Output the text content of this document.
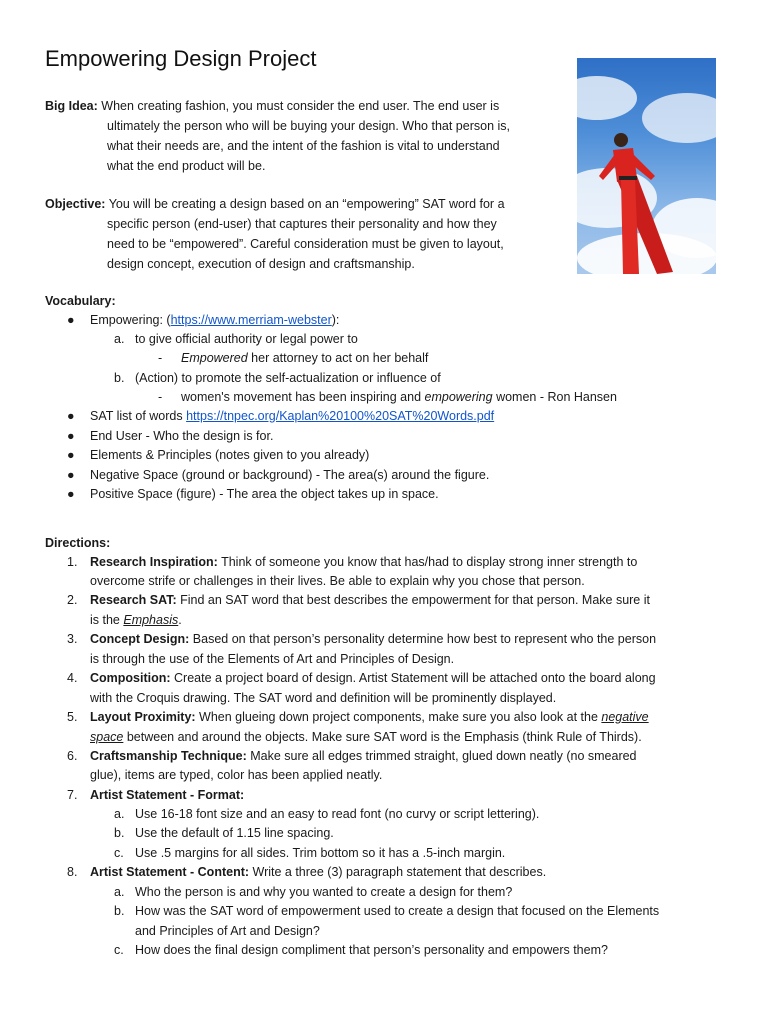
Empowering Design Project
Big Idea: When creating fashion, you must consider the end user. The end user is
ultimately the person who will be buying your design. Who that person is,
what their needs are, and the intent of the fashion is vital to understand
what the end product will be.
Objective: You will be creating a design based on an “empowering” SAT word for a
specific person (end-user) that captures their personality and how they
need to be “empowered”. Careful consideration must be given to layout,
design concept, execution of design and craftsmanship.
Vocabulary:
● Empowering: (https://www.merriam-webster):
a. to give official authority or legal power to
- Empowered her attorney to act on her behalf
b. (Action) to promote the self-actualization or influence of
- women's movement has been inspiring and empowering women - Ron Hansen
● SAT list of words https://tnpec.org/Kaplan%20100%20SAT%20Words.pdf
● End User - Who the design is for.
● Elements & Principles (notes given to you already)
● Negative Space (ground or background) - The area(s) around the figure.
● Positive Space (figure) - The area the object takes up in space.
Directions:
1. Research Inspiration: Think of someone you know that has/had to display strong inner strength to
overcome strife or challenges in their lives. Be able to explain why you chose that person.
2. Research SAT: Find an SAT word that best describes the empowerment for that person. Make sure it
is the Emphasis.
3. Concept Design: Based on that person’s personality determine how best to represent who the person
is through the use of the Elements of Art and Principles of Design.
4. Composition: Create a project board of design. Artist Statement will be attached onto the board along
with the Croquis drawing. The SAT word and definition will be prominently displayed.
5. Layout Proximity: When glueing down project components, make sure you also look at the negative
space between and around the objects. Make sure SAT word is the Emphasis (think Rule of Thirds).
6. Craftsmanship Technique: Make sure all edges trimmed straight, glued down neatly (no smeared
glue), items are typed, color has been applied neatly.
7. Artist Statement - Format:
a. Use 16-18 font size and an easy to read font (no curvy or script lettering).
b. Use the default of 1.15 line spacing.
c. Use .5 margins for all sides. Trim bottom so it has a .5-inch margin.
8. Artist Statement - Content: Write a three (3) paragraph statement that describes.
a. Who the person is and why you wanted to create a design for them?
b. How was the SAT word of empowerment used to create a design that focused on the Elements
and Principles of Art and Design?
c. How does the final design compliment that person’s personality and empowers them?
